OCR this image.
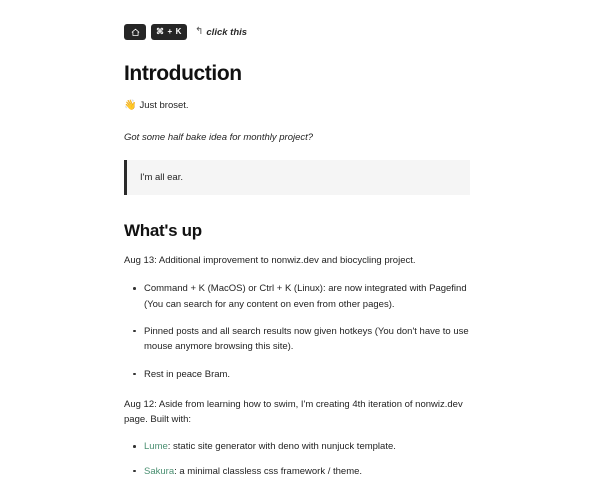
⌘ + K	↰ click this
Introduction

👋 Just broset.

Got some half bake idea for monthly project?

I'm all ear.

What's up

Aug 13: Additional improvement to nonwiz.dev and biocycling project.

Command + K (MacOS) or Ctrl + K (Linux): are now integrated with Pagefind (You can search for any content on even from other pages).
Pinned posts and all search results now given hotkeys (You don't have to use mouse anymore browsing this site).
Rest in peace Bram.

Aug 12: Aside from learning how to swim, I'm creating 4th iteration of nonwiz.dev page. Built with:

Lume: static site generator with deno with nunjuck template.
Sakura: a minimal classless css framework / theme.
